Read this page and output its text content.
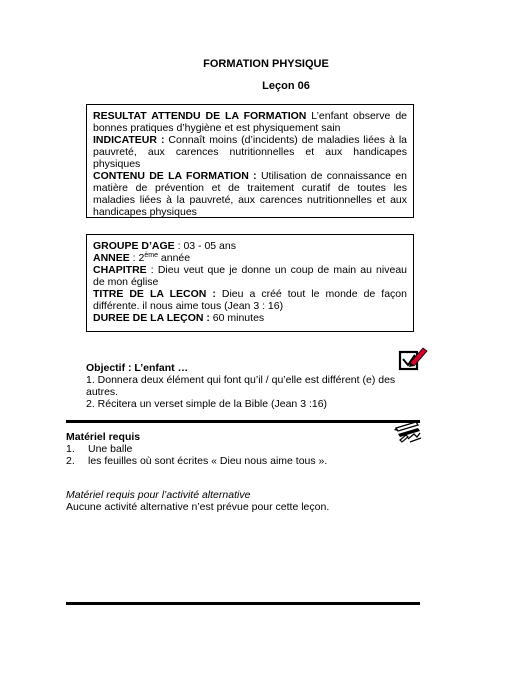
FORMATION PHYSIQUE
Leçon 06

RESULTAT ATTENDU DE LA FORMATION L’enfant observe de bonnes pratiques d’hygiène et est physiquement sain

INDICATEUR : Connaît moins (d’incidents) de maladies liées à la pauvreté, aux carences nutritionnelles et aux handicapes physiques

CONTENU DE LA FORMATION : Utilisation de connaissance en matière de prévention et de traitement curatif de toutes les maladies liées à la pauvreté, aux carences nutritionnelles et aux handicapes physiques

GROUPE D’AGE : 03 - 05 ans

ANNEE : 2ème année

CHAPITRE : Dieu veut que je donne un coup de main au niveau de mon église

TITRE DE LA LECON : Dieu a créé tout le monde de façon différente. il nous aime tous (Jean 3 : 16)

DUREE DE LA LEÇON : 60 minutes

Objectif : L’enfant …
1. Donnera deux élément qui font qu’il / qu’elle est différent (e) des autres.
2. Récitera un verset simple de la Bible (Jean 3 :16)
Matériel requis
1. Une balle
2. les feuilles où sont écrites « Dieu nous aime tous ».
Matériel requis pour l’activité alternative
Aucune activité alternative n’est prévue pour cette leçon.
